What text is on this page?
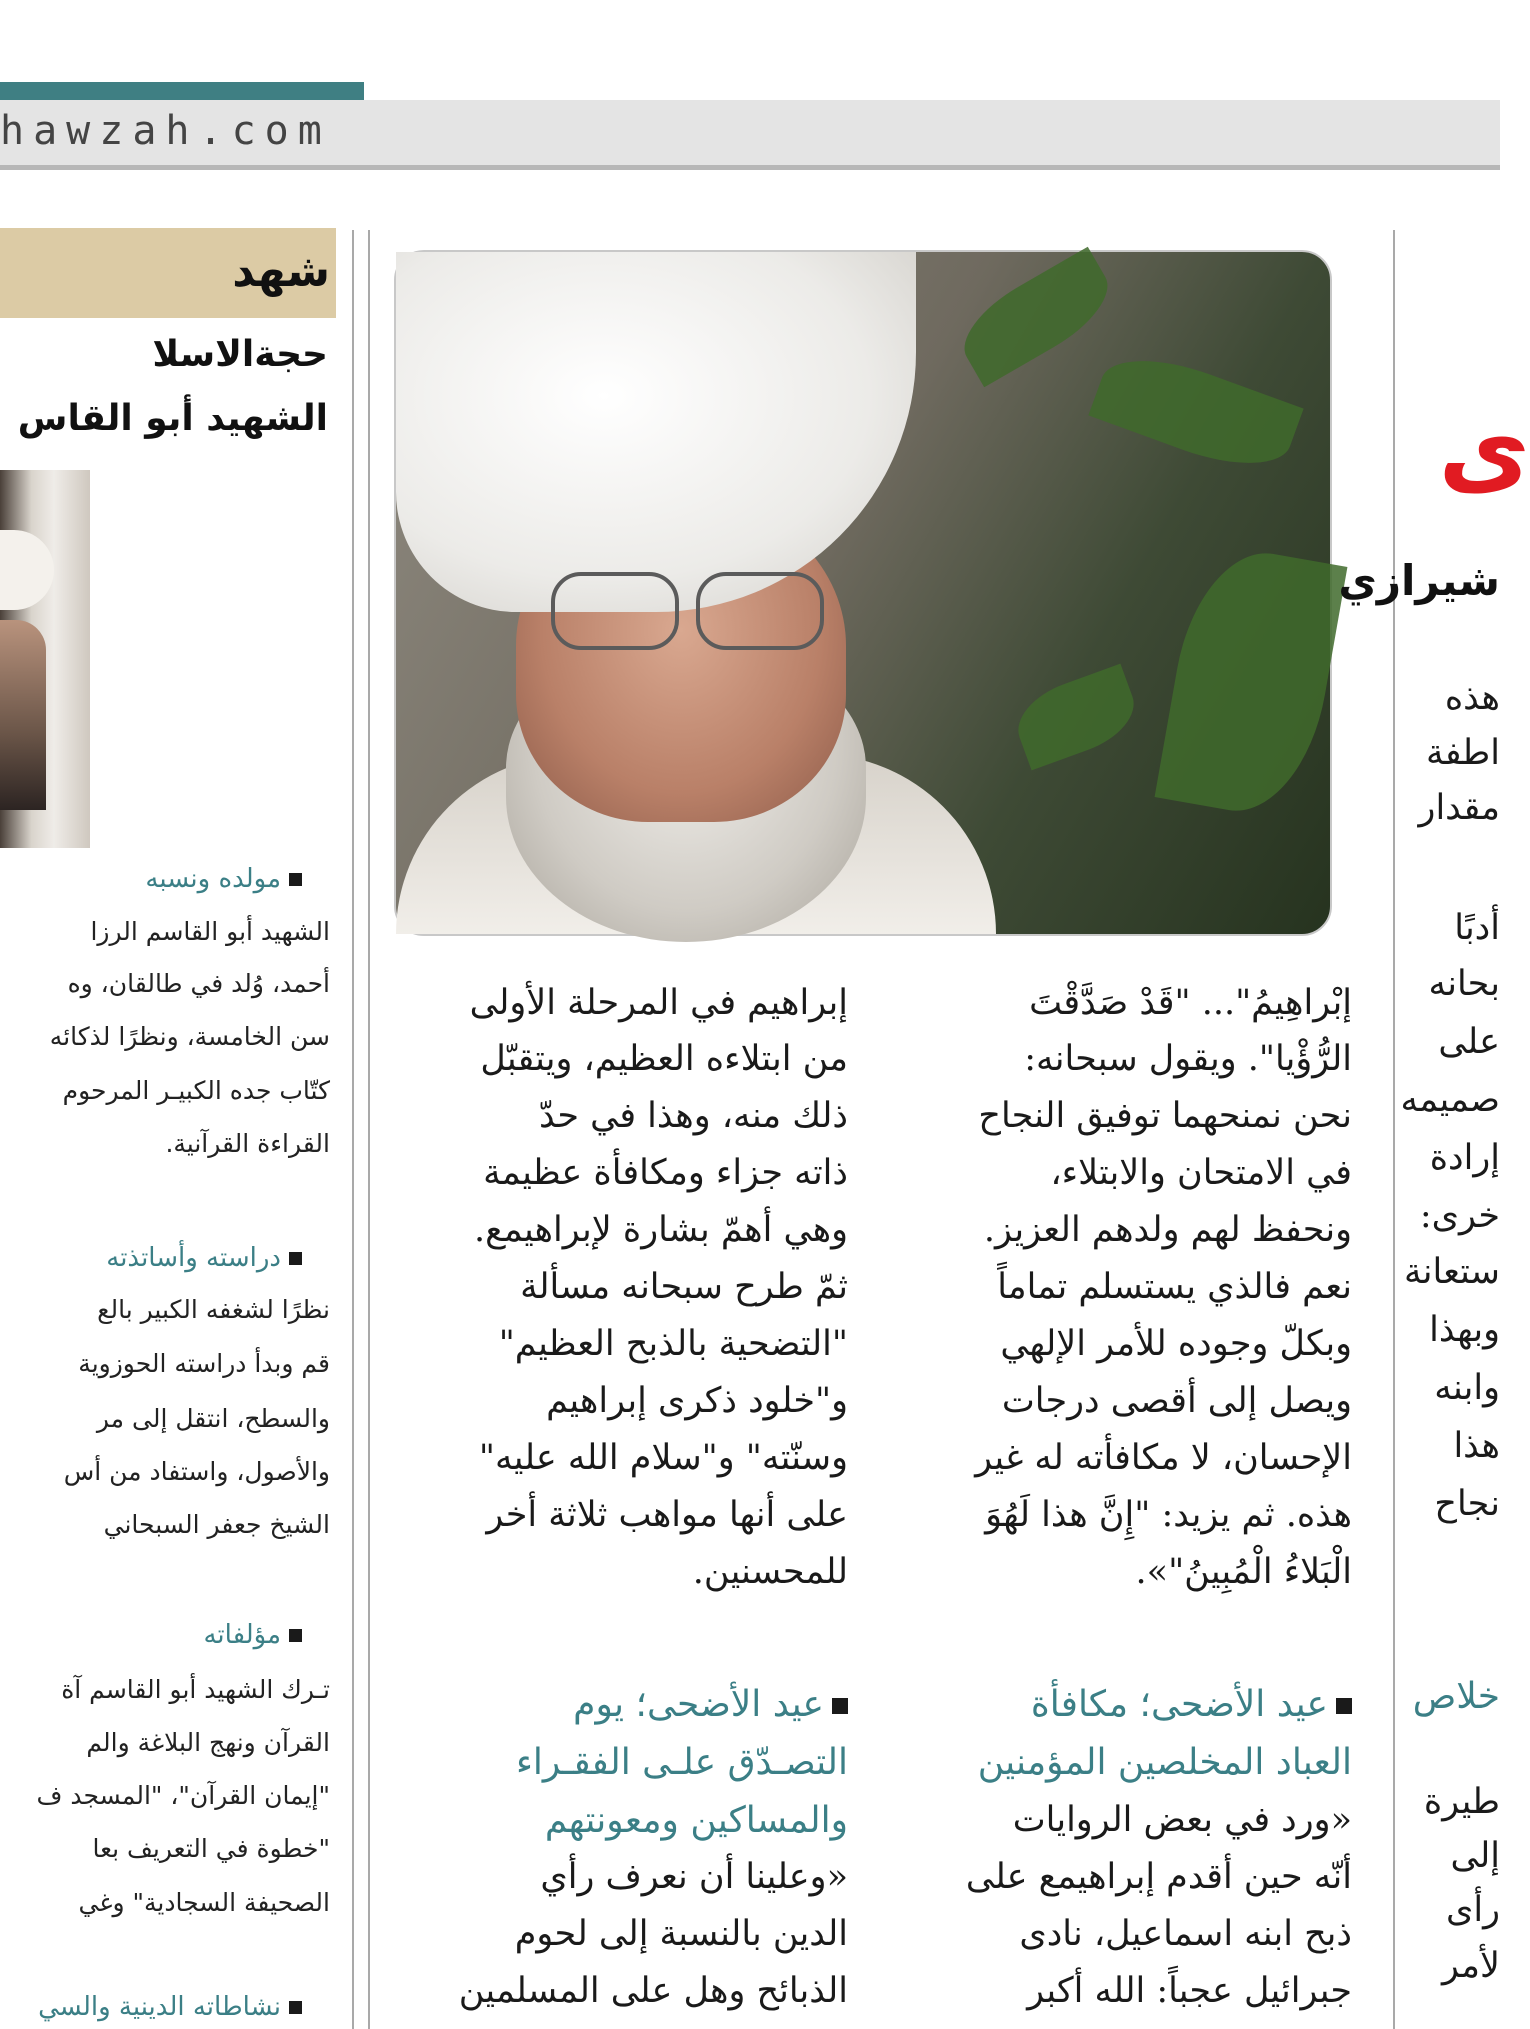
hawzah.com
شهد
حجةالاسلا
الشهيد أبو القاس
مولده ونسبه
الشهيد أبو القاسم الرزا
أحمد، وُلد في طالقان، وه
سن الخامسة، ونظرًا لذكائه
كتّاب جده الكبيـر المرحوم
القراءة القرآنية.
دراسته وأساتذته
نظرًا لشغفه الكبير بالع
قم وبدأ دراسته الحوزوية
والسطح، انتقل إلى مر
والأصول، واستفاد من أس
الشيخ جعفر السبحاني
مؤلفاته
تـرك الشهيد أبو القاسم آة
القرآن ونهج البلاغة والم
"إيمان القرآن"، "المسجد ف
"خطوة في التعريف بعا
الصحيفة السجادية" وغي
نشاطاته الدينية والسي
إبْراهِيمُ"... "قَدْ صَدَّقْتَ
الرُّؤْيا". ويقول سبحانه:
نحن نمنحهما توفيق النجاح
في الامتحان والابتلاء،
ونحفظ لهم ولدهم العزيز.
نعم فالذي يستسلم تماماً
وبكلّ وجوده للأمر الإلهي
ويصل إلى أقصى درجات
الإحسان، لا مكافأته له غير
هذه. ثم يزيد: "إِنَّ هذا لَهُوَ
الْبَلاءُ الْمُبِينُ"».
إبراهيم في المرحلة الأولى
من ابتلاءه العظيم، ويتقبّل
ذلك منه، وهذا في حدّ
ذاته جزاء ومكافأة عظيمة
وهي أهمّ بشارة لإبراهيمع.
ثمّ طرح سبحانه مسألة
"التضحية بالذبح العظيم"
و"خلود ذكرى إبراهيم
وسنّته" و"سلام الله عليه"
على أنها مواهب ثلاثة أخر
للمحسنين.
عيد الأضحى؛ مكافأة
العباد المخلصين المؤمنين
«ورد في بعض الروايات
أنّه حين أقدم إبراهيمع على
ذبح ابنه اسماعيل، نادى
جبرائيل عجباً: الله أكبر
عيد الأضحى؛ يوم
التصـدّق علـى الفقـراء
والمساكين ومعونتهم
«وعلينا أن نعرف رأي
الدين بالنسبة إلى لحوم
الذبائح وهل على المسلمين
ى
شيرازي
هذه
اطفة
مقدار
أدبًا
بحانه
على
صميمه
إرادة
خرى:
ستعانة
وبهذا
وابنه
هذا
نجاح
خلاص
طيرة
إلى
رأى
لأمر
